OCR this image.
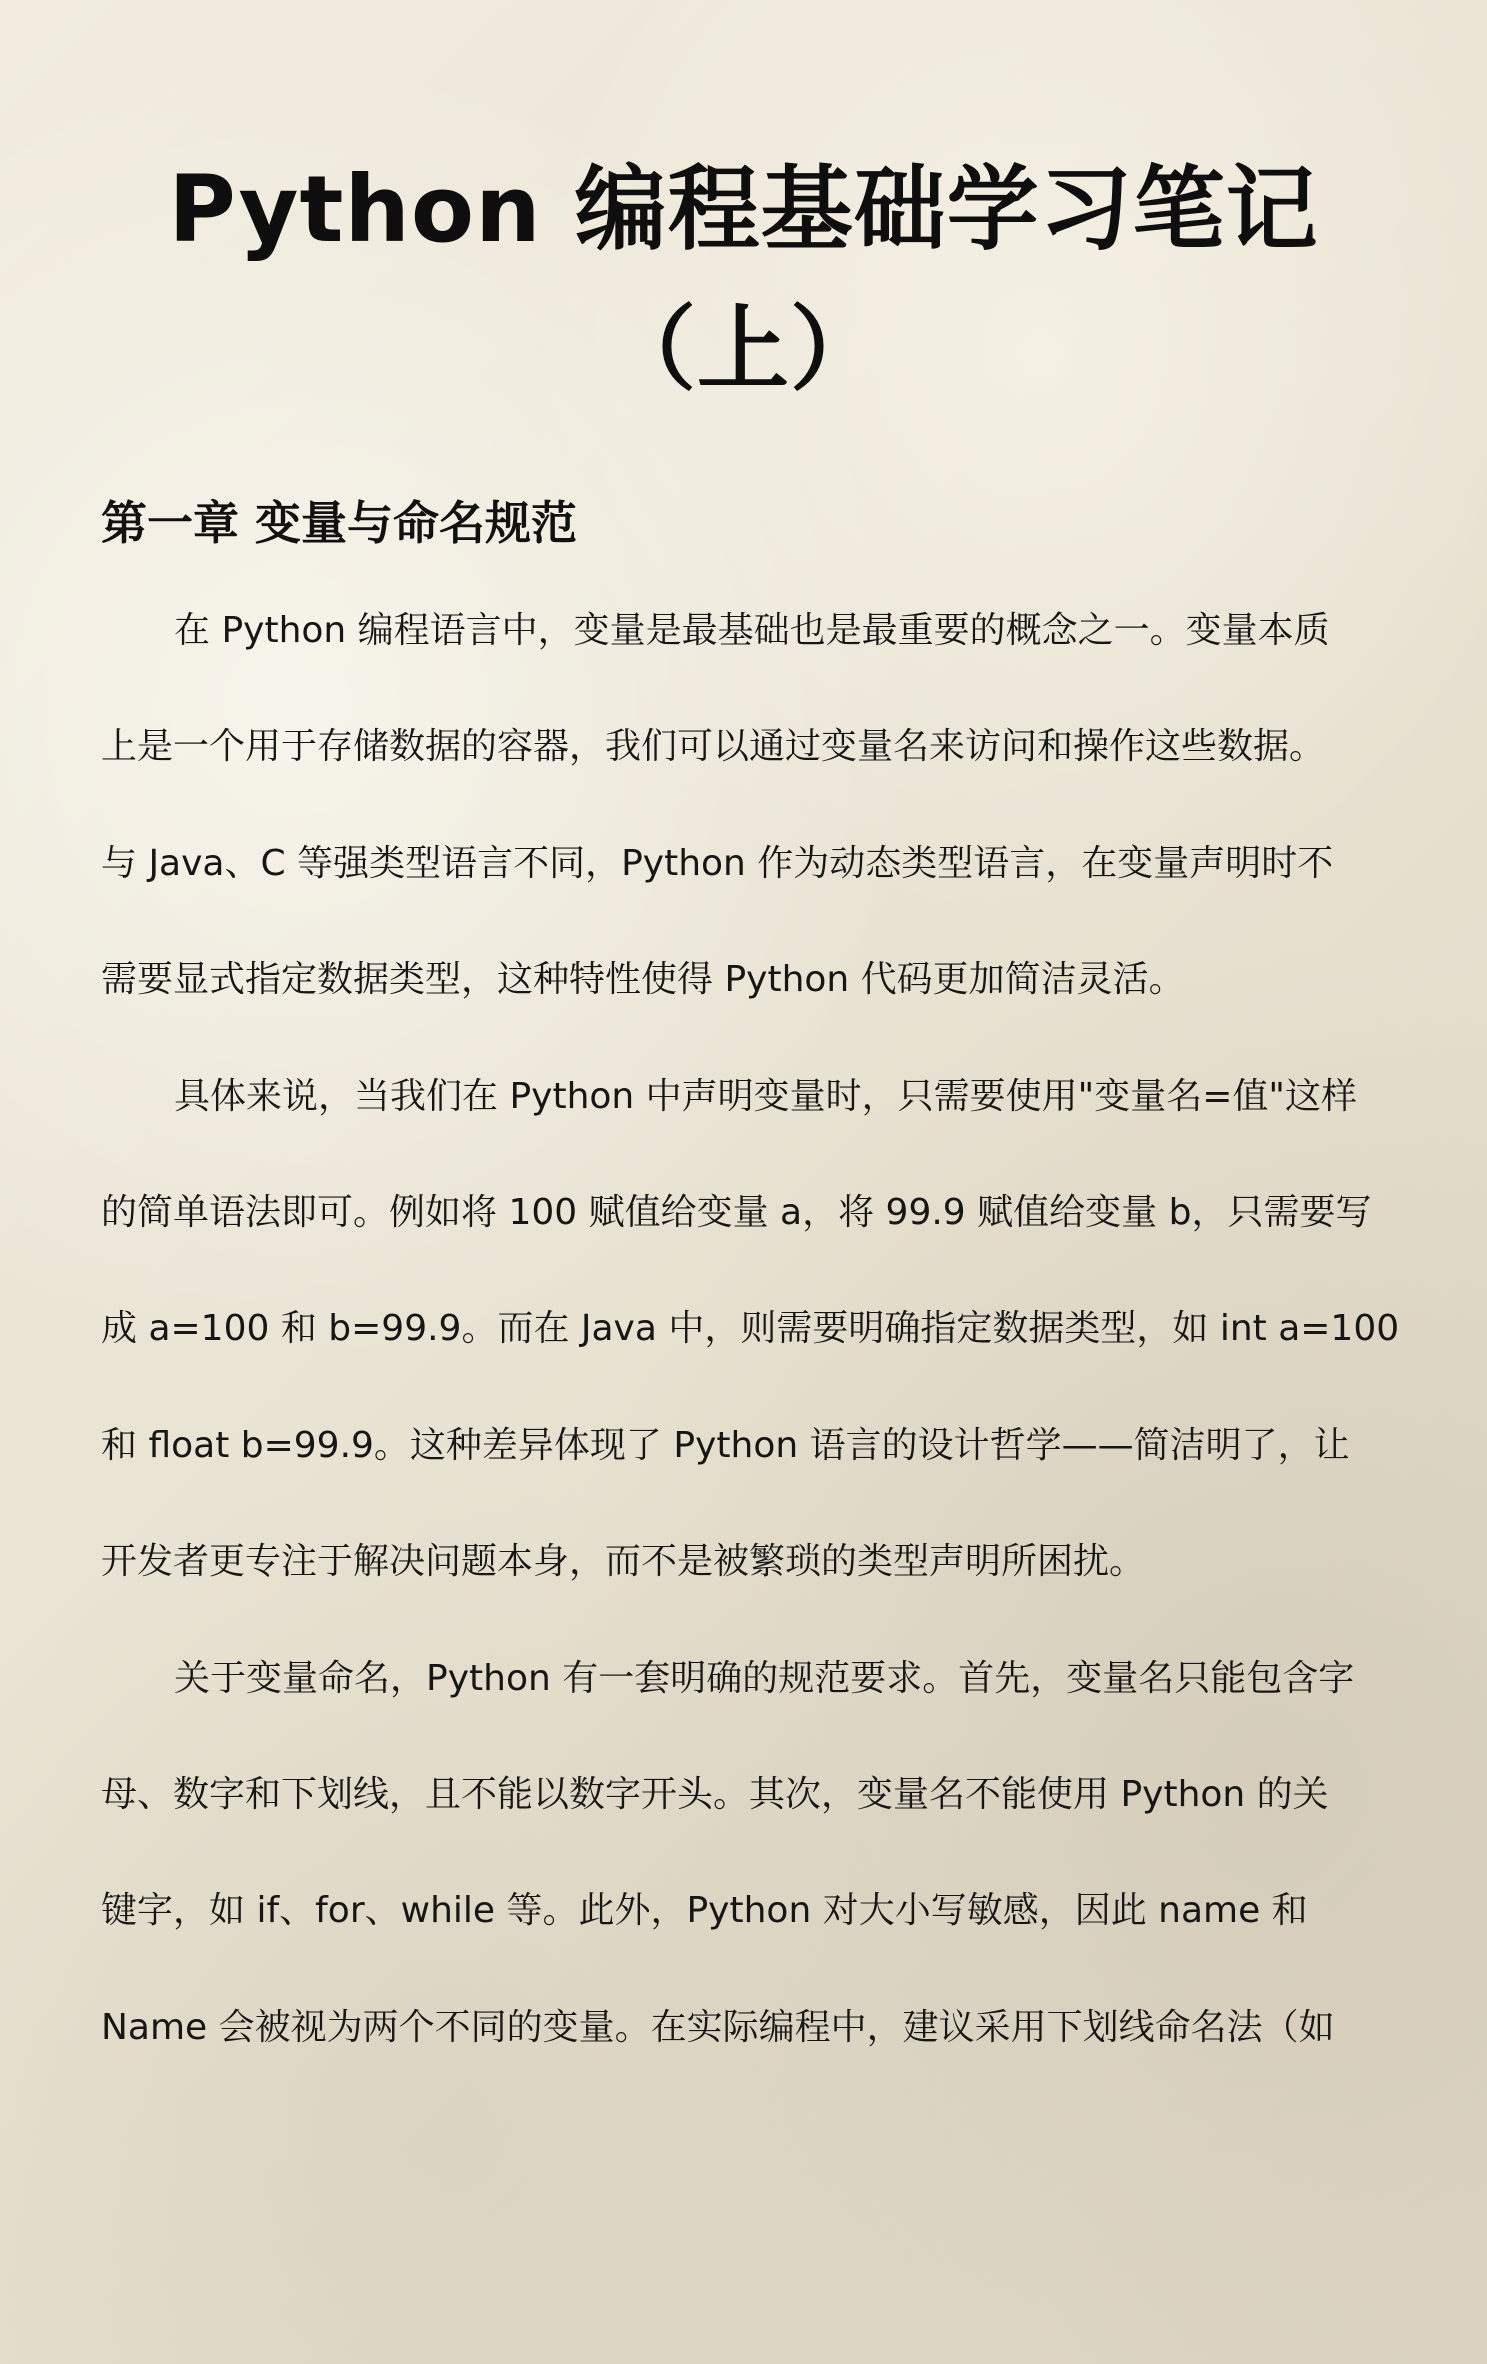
Python 编程基础学习笔记
（上）
第一章 变量与命名规范
在 Python 编程语言中，变量是最基础也是最重要的概念之一。变量本质
上是一个用于存储数据的容器，我们可以通过变量名来访问和操作这些数据。
与 Java、C 等强类型语言不同，Python 作为动态类型语言，在变量声明时不
需要显式指定数据类型，这种特性使得 Python 代码更加简洁灵活。
具体来说，当我们在 Python 中声明变量时，只需要使用"变量名=值"这样
的简单语法即可。例如将 100 赋值给变量 a，将 99.9 赋值给变量 b，只需要写
成 a=100 和 b=99.9。而在 Java 中，则需要明确指定数据类型，如 int a=100
和 float b=99.9。这种差异体现了 Python 语言的设计哲学——简洁明了，让
开发者更专注于解决问题本身，而不是被繁琐的类型声明所困扰。
关于变量命名，Python 有一套明确的规范要求。首先，变量名只能包含字
母、数字和下划线，且不能以数字开头。其次，变量名不能使用 Python 的关
键字，如 if、for、while 等。此外，Python 对大小写敏感，因此 name 和
Name 会被视为两个不同的变量。在实际编程中，建议采用下划线命名法（如
